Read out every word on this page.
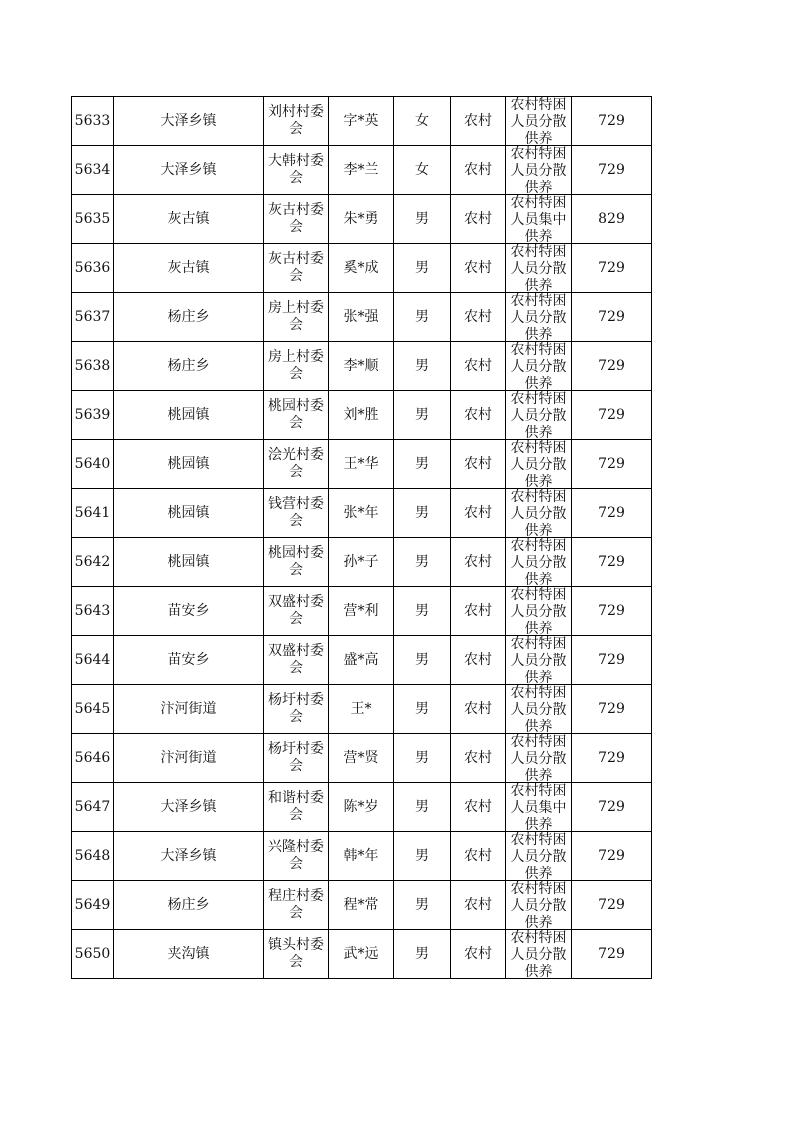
5633	大泽乡镇	刘村村委会	字*英	女	农村	农村特困人员分散供养	729
5634	大泽乡镇	大韩村委会	李*兰	女	农村	农村特困人员分散供养	729
5635	灰古镇	灰古村委会	朱*勇	男	农村	农村特困人员集中供养	829
5636	灰古镇	灰古村委会	奚*成	男	农村	农村特困人员分散供养	729
5637	杨庄乡	房上村委会	张*强	男	农村	农村特困人员分散供养	729
5638	杨庄乡	房上村委会	李*顺	男	农村	农村特困人员分散供养	729
5639	桃园镇	桃园村委会	刘*胜	男	农村	农村特困人员分散供养	729
5640	桃园镇	浍光村委会	王*华	男	农村	农村特困人员分散供养	729
5641	桃园镇	钱营村委会	张*年	男	农村	农村特困人员分散供养	729
5642	桃园镇	桃园村委会	孙*子	男	农村	农村特困人员分散供养	729
5643	苗安乡	双盛村委会	营*利	男	农村	农村特困人员分散供养	729
5644	苗安乡	双盛村委会	盛*高	男	农村	农村特困人员分散供养	729
5645	汴河街道	杨圩村委会	王*	男	农村	农村特困人员分散供养	729
5646	汴河街道	杨圩村委会	营*贤	男	农村	农村特困人员分散供养	729
5647	大泽乡镇	和谐村委会	陈*岁	男	农村	农村特困人员集中供养	729
5648	大泽乡镇	兴隆村委会	韩*年	男	农村	农村特困人员分散供养	729
5649	杨庄乡	程庄村委会	程*常	男	农村	农村特困人员分散供养	729
5650	夹沟镇	镇头村委会	武*远	男	农村	农村特困人员分散供养	729
